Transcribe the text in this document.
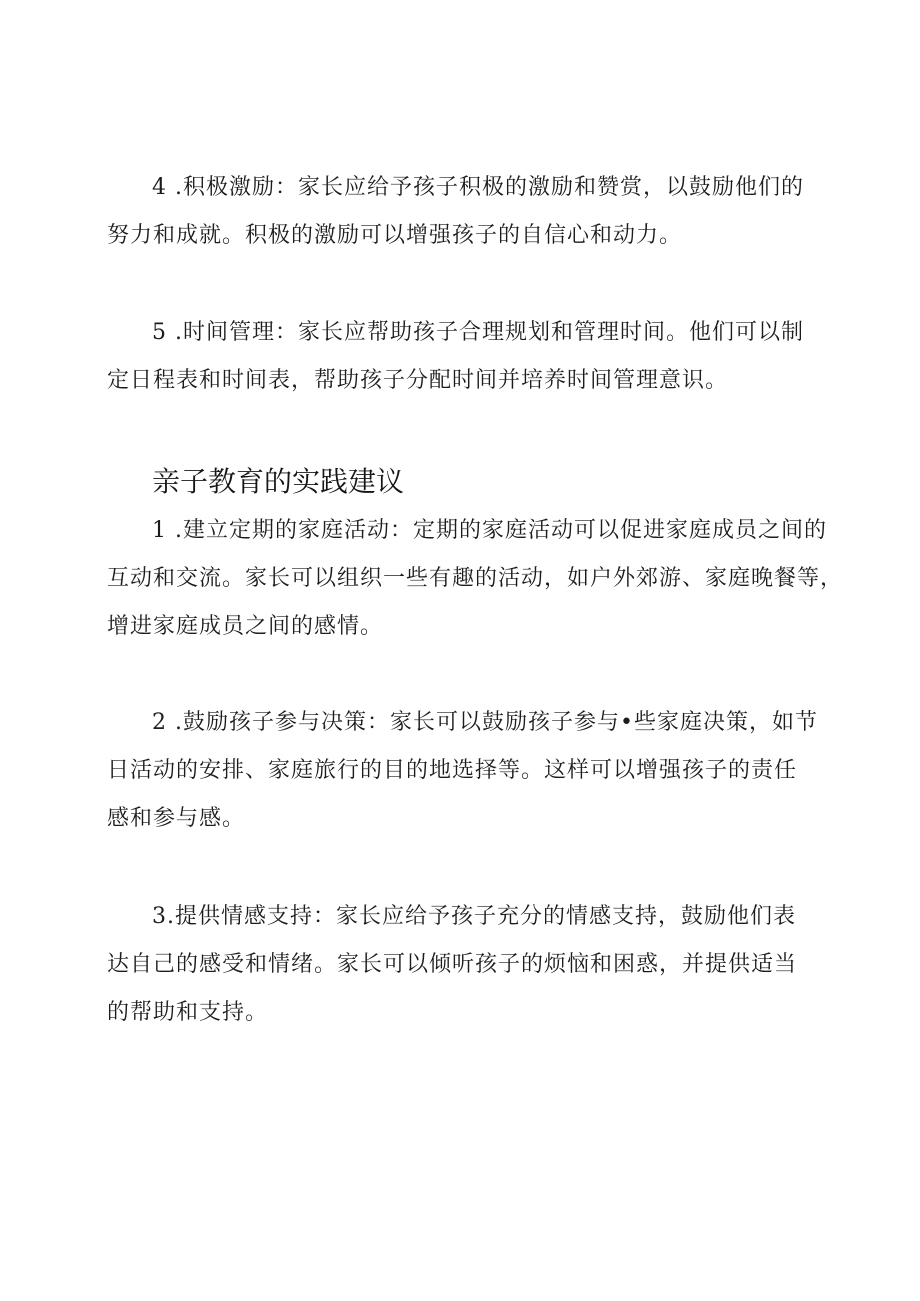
4 .积极激励：家长应给予孩子积极的激励和赞赏，以鼓励他们的
努力和成就。积极的激励可以增强孩子的自信心和动力。
5 .时间管理：家长应帮助孩子合理规划和管理时间。他们可以制
定日程表和时间表，帮助孩子分配时间并培养时间管理意识。
亲子教育的实践建议
1 .建立定期的家庭活动：定期的家庭活动可以促进家庭成员之间的
互动和交流。家长可以组织一些有趣的活动，如户外郊游、家庭晚餐等，
增进家庭成员之间的感情。
2 .鼓励孩子参与决策：家长可以鼓励孩子参与•些家庭决策，如节
日活动的安排、家庭旅行的目的地选择等。这样可以增强孩子的责任
感和参与感。
3.提供情感支持：家长应给予孩子充分的情感支持，鼓励他们表
达自己的感受和情绪。家长可以倾听孩子的烦恼和困惑，并提供适当
的帮助和支持。
